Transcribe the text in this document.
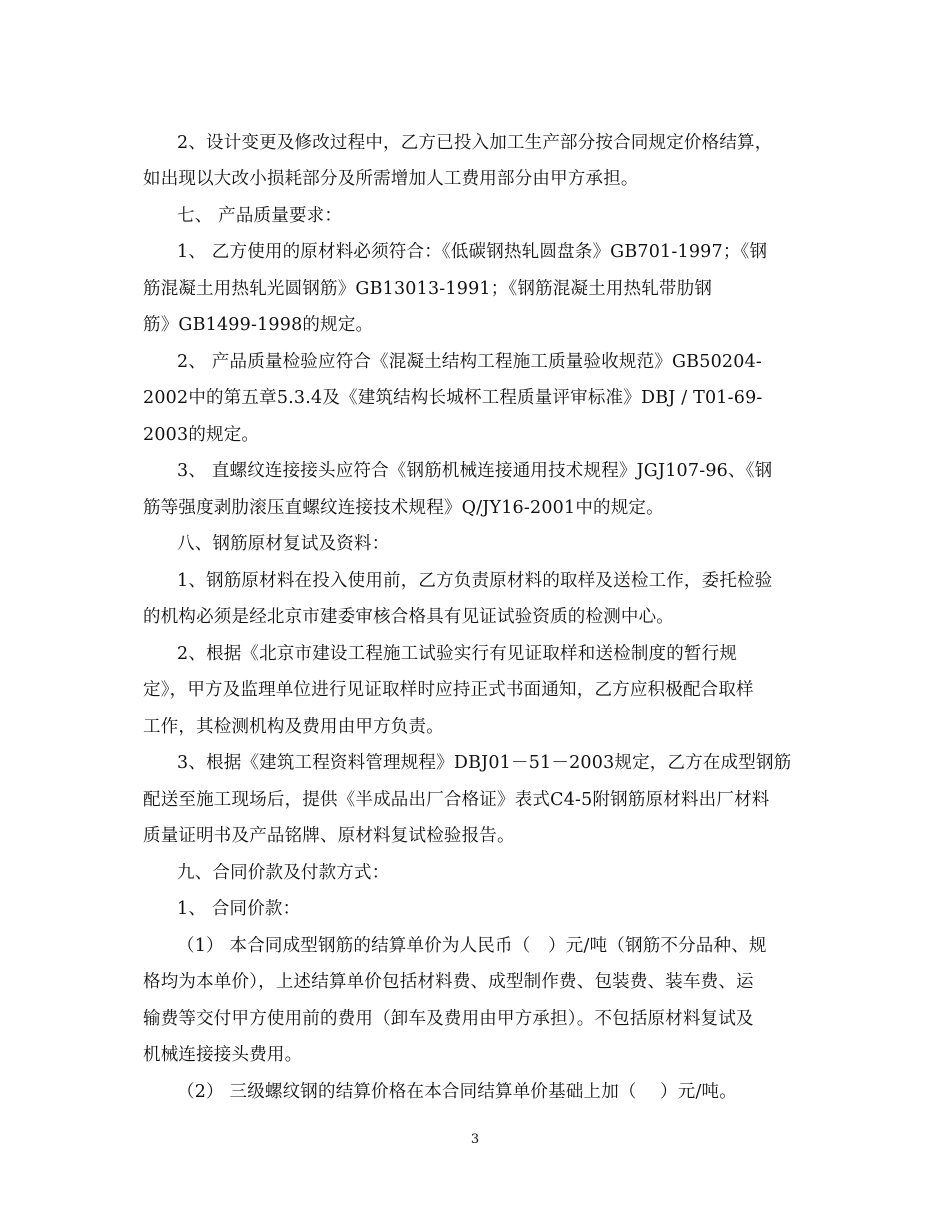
2、设计变更及修改过程中，乙方已投入加工生产部分按合同规定价格结算，
如出现以大改小损耗部分及所需增加人工费用部分由甲方承担。
七、 产品质量要求：
1、 乙方使用的原材料必须符合：《低碳钢热轧圆盘条》GB701-1997；《钢
筋混凝土用热轧光圆钢筋》GB13013-1991；《钢筋混凝土用热轧带肋钢
筋》GB1499-1998的规定。
2、 产品质量检验应符合《混凝土结构工程施工质量验收规范》GB50204-
2002中的第五章5.3.4及《建筑结构长城杯工程质量评审标准》DBJ / T01-69-
2003的规定。
3、 直螺纹连接接头应符合《钢筋机械连接通用技术规程》JGJ107-96、《钢
筋等强度剥肋滚压直螺纹连接技术规程》Q/JY16-2001中的规定。
八、钢筋原材复试及资料：
1、钢筋原材料在投入使用前，乙方负责原材料的取样及送检工作，委托检验
的机构必须是经北京市建委审核合格具有见证试验资质的检测中心。
2、根据《北京市建设工程施工试验实行有见证取样和送检制度的暂行规
定》，甲方及监理单位进行见证取样时应持正式书面通知，乙方应积极配合取样
工作，其检测机构及费用由甲方负责。
3、根据《建筑工程资料管理规程》DBJ01－51－2003规定，乙方在成型钢筋
配送至施工现场后，提供《半成品出厂合格证》表式C4-5附钢筋原材料出厂材料
质量证明书及产品铭牌、原材料复试检验报告。
九、合同价款及付款方式：
1、 合同价款：
（1） 本合同成型钢筋的结算单价为人民币（　）元/吨（钢筋不分品种、规
格均为本单价），上述结算单价包括材料费、成型制作费、包装费、装车费、运
输费等交付甲方使用前的费用（卸车及费用由甲方承担）。不包括原材料复试及
机械连接接头费用。
（2） 三级螺纹钢的结算价格在本合同结算单价基础上加（　 ）元/吨。
3
